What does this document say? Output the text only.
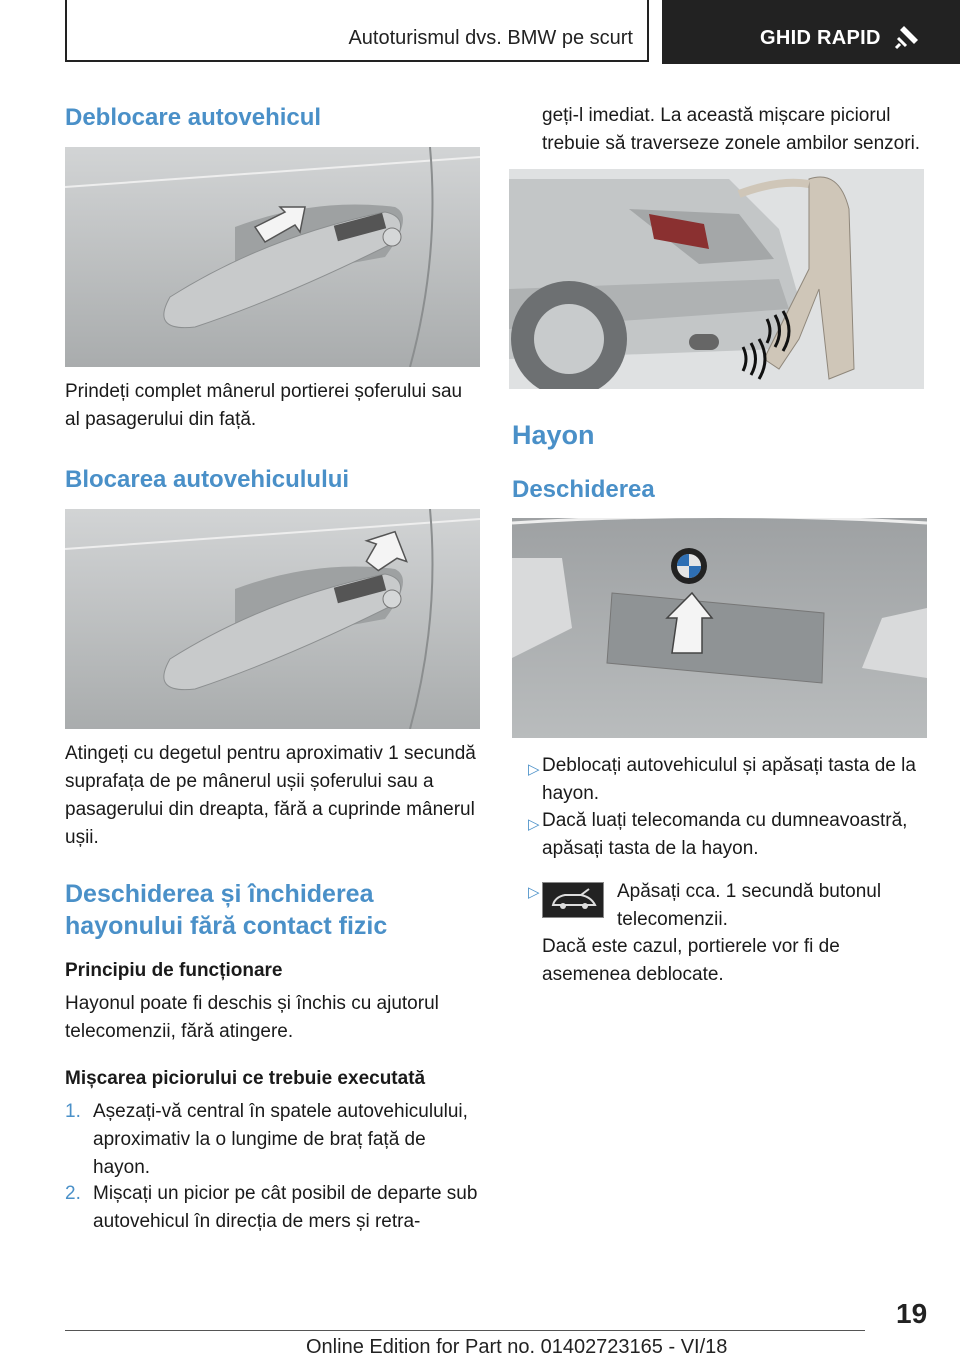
Autoturismul dvs. BMW pe scurt	GHID RAPID
Deblocare autovehicul
Prindeți complet mânerul portierei șoferului sau al pasagerului din față.
Blocarea autovehiculului
Atingeți cu degetul pentru aproximativ 1 secundă suprafața de pe mânerul ușii șoferului sau a pasagerului din dreapta, fără a cuprinde mânerul ușii.
Deschiderea și închiderea hayonului fără contact fizic
Principiu de funcționare
Hayonul poate fi deschis și închis cu ajutorul telecomenzii, fără atingere.
Mișcarea piciorului ce trebuie executată
1. Așezați-vă central în spatele autovehiculului, aproximativ la o lungime de braț față de hayon.
2. Mișcați un picior pe cât posibil de departe sub autovehicul în direcția de mers și retra-
geți-l imediat. La această mișcare piciorul trebuie să traverseze zonele ambilor senzori.
Hayon
Deschiderea
▷ Deblocați autovehiculul și apăsați tasta de la hayon.
▷ Dacă luați telecomanda cu dumneavoastră, apăsați tasta de la hayon.
▷	Apăsați cca. 1 secundă butonul telecomenzii.
Dacă este cazul, portierele vor fi de asemenea deblocate.
19
Online Edition for Part no. 01402723165 - VI/18
